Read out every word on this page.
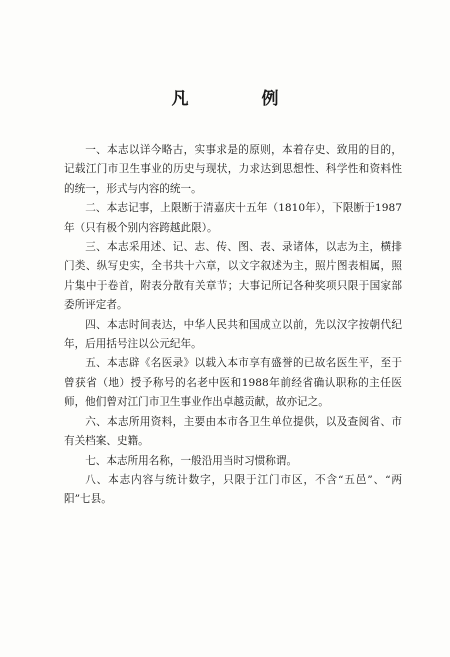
凡　例

一、本志以详今略古，实事求是的原则，本着存史、致用的目的，记载江门市卫生事业的历史与现状，力求达到思想性、科学性和资料性的统一，形式与内容的统一。

二、本志记事，上限断于清嘉庆十五年（1810年），下限断于1987年（只有极个别内容跨越此限）。

三、本志采用述、记、志、传、图、表、录诸体，以志为主，横排门类、纵写史实，全书共十六章，以文字叙述为主，照片图表相属，照片集中于卷首，附表分散有关章节；大事记所记各种奖项只限于国家部委所评定者。

四、本志时间表达，中华人民共和国成立以前，先以汉字按朝代纪年，后用括号注以公元纪年。

五、本志辟《名医录》以载入本市享有盛誉的已故名医生平，至于曾获省（地）授予称号的名老中医和1988年前经省确认职称的主任医师，他们曾对江门市卫生事业作出卓越贡献，故亦记之。

六、本志所用资料，主要由本市各卫生单位提供，以及查阅省、市有关档案、史籍。

七、本志所用名称，一般沿用当时习惯称谓。

八、本志内容与统计数字，只限于江门市区，不含“五邑”、“两阳”七县。
